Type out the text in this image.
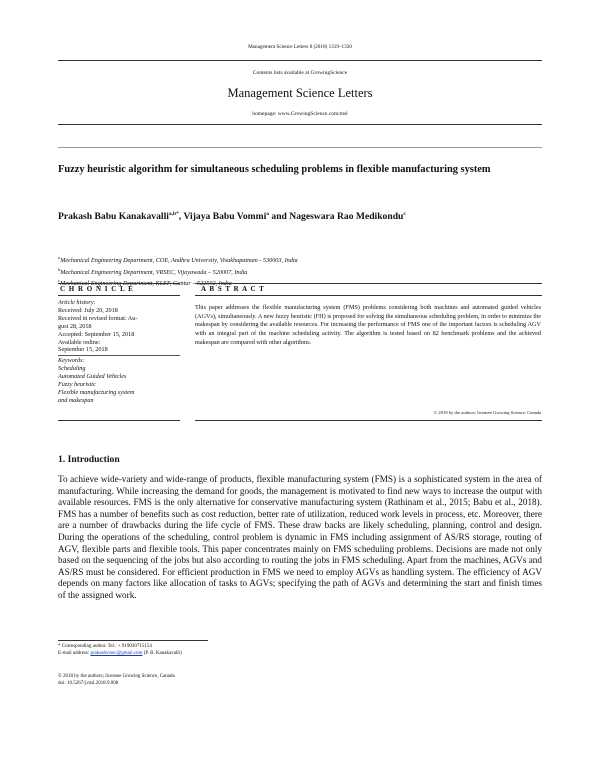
Management Science Letters 8 (2018) 1319–1330
Contents lists available at GrowingScience
Management Science Letters
homepage: www.GrowingScience.com/msl
Fuzzy heuristic algorithm for simultaneous scheduling problems in flexible manufacturing system
Prakash Babu Kanakavalli$^{a,b*}$, Vijaya Babu Vommi$^a$ and Nageswara Rao Medikondu$^c$
$^a$Mechanical Engineering Department, COE, Andhra University, Visakhapatnam - 530003, India
$^b$Mechanical Engineering Department, VRSEC, Vijayawada – 520007, India
$^c$Mechanical Engineering Department, KLEF, Guntur – 522502, India
C H R O N I C L E	A B S T R A C T
Article history:
Received: July 20, 2018
Received in revised format: Au-
gust 28, 2018
Accepted: September 15, 2018
Available online:
September 15, 2018
Keywords:
Scheduling
Automated Guided Vehicles
Fuzzy heuristic
Flexible manufacturing system
and makespan
This paper addresses the flexible manufacturing system (FMS) problems considering both machines and automated guided vehicles (AGVs), simultaneously. A new fuzzy heuristic (FH) is proposed for solving the simultaneous scheduling problem, in order to minimize the makespan by considering the available resources. For increasing the performance of FMS one of the important factors is scheduling AGV with an integral part of the machine scheduling activity. The algorithm is tested based on 82 benchmark problems and the achieved makespan are compared with other algorithms.
© 2018 by the authors; licensee Growing Science, Canada
1. Introduction
To achieve wide-variety and wide-range of products, flexible manufacturing system (FMS) is a sophisticated system in the area of manufacturing. While increasing the demand for goods, the management is motivated to find new ways to increase the output with available resources. FMS is the only alternative for conservative manufacturing system (Rathinam et al., 2015; Babu et al., 2018). FMS has a number of benefits such as cost reduction, better rate of utilization, reduced work levels in process, etc. Moreover, there are a number of drawbacks during the life cycle of FMS. These draw backs are likely scheduling, planning, control and design. During the operations of the scheduling, control problem is dynamic in FMS including assignment of AS/RS storage, routing of AGV, flexible parts and flexible tools. This paper concentrates mainly on FMS scheduling problems. Decisions are made not only based on the sequencing of the jobs but also according to routing the jobs in FMS scheduling. Apart from the machines, AGVs and AS/RS must be considered. For efficient production in FMS we need to employ AGVs as handling system. The efficiency of AGV depends on many factors like allocation of tasks to AGVs; specifying the path of AGVs and determining the start and finish times of the assigned work.
* Corresponding author. Tel.: + 919030715154
E-mail address: prakashvrsec@gmail.com (P. B. Kanakavalli)
© 2018 by the authors; licensee Growing Science, Canada
doi: 10.5267/j.msl.2018.9.008
